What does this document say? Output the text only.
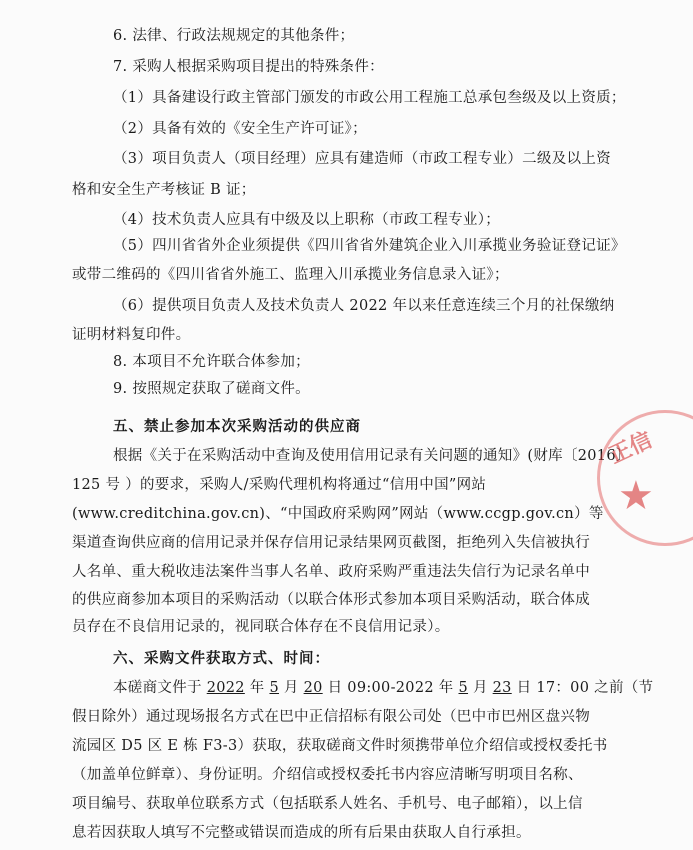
6. 法律、行政法规规定的其他条件；
7. 采购人根据采购项目提出的特殊条件：
（1）具备建设行政主管部门颁发的市政公用工程施工总承包叁级及以上资质；
（2）具备有效的《安全生产许可证》；
（3）项目负责人（项目经理）应具有建造师（市政工程专业）二级及以上资
格和安全生产考核证 B 证；
（4）技术负责人应具有中级及以上职称（市政工程专业）；
（5）四川省省外企业须提供《四川省省外建筑企业入川承揽业务验证登记证》
或带二维码的《四川省省外施工、监理入川承揽业务信息录入证》；
（6）提供项目负责人及技术负责人 2022 年以来任意连续三个月的社保缴纳
证明材料复印件。
8. 本项目不允许联合体参加；
9. 按照规定获取了磋商文件。
五、禁止参加本次采购活动的供应商
根据《关于在采购活动中查询及使用信用记录有关问题的通知》(财库〔2016〕
125 号 ）的要求，采购人/采购代理机构将通过“信用中国”网站
(www.creditchina.gov.cn)、“中国政府采购网”网站（www.ccgp.gov.cn）等
渠道查询供应商的信用记录并保存信用记录结果网页截图，拒绝列入失信被执行
人名单、重大税收违法案件当事人名单、政府采购严重违法失信行为记录名单中
的供应商参加本项目的采购活动（以联合体形式参加本项目采购活动，联合体成
员存在不良信用记录的，视同联合体存在不良信用记录）。
六、采购文件获取方式、时间：
本磋商文件于 2022 年 5 月 20 日 09:00-2022 年 5 月 23 日 17：00 之前（节
假日除外）通过现场报名方式在巴中正信招标有限公司处（巴中市巴州区盘兴物
流园区 D5 区 E 栋 F3-3）获取，获取磋商文件时须携带单位介绍信或授权委托书
（加盖单位鲜章）、身份证明。介绍信或授权委托书内容应清晰写明项目名称、
项目编号、获取单位联系方式（包括联系人姓名、手机号、电子邮箱），以上信
息若因获取人填写不完整或错误而造成的所有后果由获取人自行承担。
正信
★
